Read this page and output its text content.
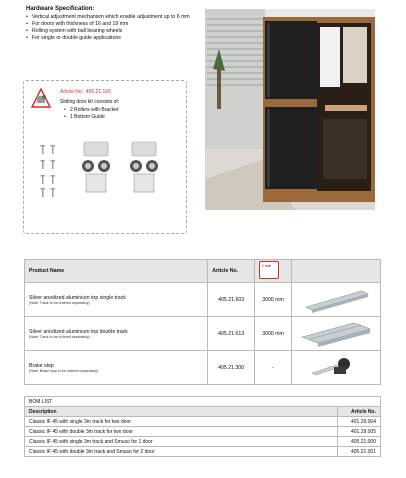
Hardware Specification:
• Vertical adjustment mechanism which enable adjustment up to 6 mm
• For doors with thickness of 16 and 19 mm
• Rolling system with ball bearing wheels
• For single or double guide applications
Article No.: 405.21.100
Sliding door kit consists of:
• 2 Rollers with Bracket
• 1 Bottom Guide
Product Name	Article No.	L mm	

Silver anodized aluminium top single track
(Note: Track to be ordered separately)	405.21.603	3000 mm	

Silver anodized aluminium top double track
(Note: Track to be ordered separately)	405.21.613	3000 mm	

Brake stop
(Note: Brake stop to be ordered separately)	405.21.300	-	
BOM LIST	
Description	Article No.
Classic IF 45 with single 3m track for two door	401.29.004
Classic IF 45 with double 3m track for two door	401.29.005
Classic IF 45 with single 3m track and Smuso for 1 door	405.21.000
Classic IF 45 with double 3m track and Smuso for 2 door	405.21.001
